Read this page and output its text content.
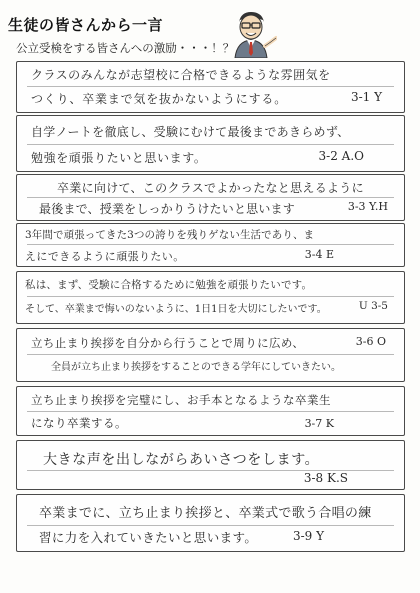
生徒の皆さんから一言
公立受検をする皆さんへの激励・・・！？
クラスのみんなが志望校に合格できるような雰囲気を
つくり、卒業まで気を抜かないようにする。	3-1 Y
自学ノートを徹底し、受験にむけて最後まであきらめず、
勉強を頑張りたいと思います。	3-2 A.O
卒業に向けて、このクラスでよかったなと思えるように
最後まで、授業をしっかりうけたいと思います	3-3 Y.H
3年間で頑張ってきた3つの誇りを残りゲない生活であり、ま
えにできるように頑張りたい。	3-4 E
私は、まず、受験に合格するために勉強を頑張りたいです。
そして、卒業まで悔いのないように、1日1日を大切にしたいです。	U 3-5
立ち止まり挨拶を自分から行うことで周りに広め、	3-6 O
全員が立ち止まり挨拶をすることのできる学年にしていきたい。
立ち止まり挨拶を完璧にし、お手本となるような卒業生
になり卒業する。	3-7 K
大きな声を出しながらあいさつをします。
3-8 K.S
卒業までに、立ち止まり挨拶と、卒業式で歌う合唱の練
習に力を入れていきたいと思います。	3-9 Y
